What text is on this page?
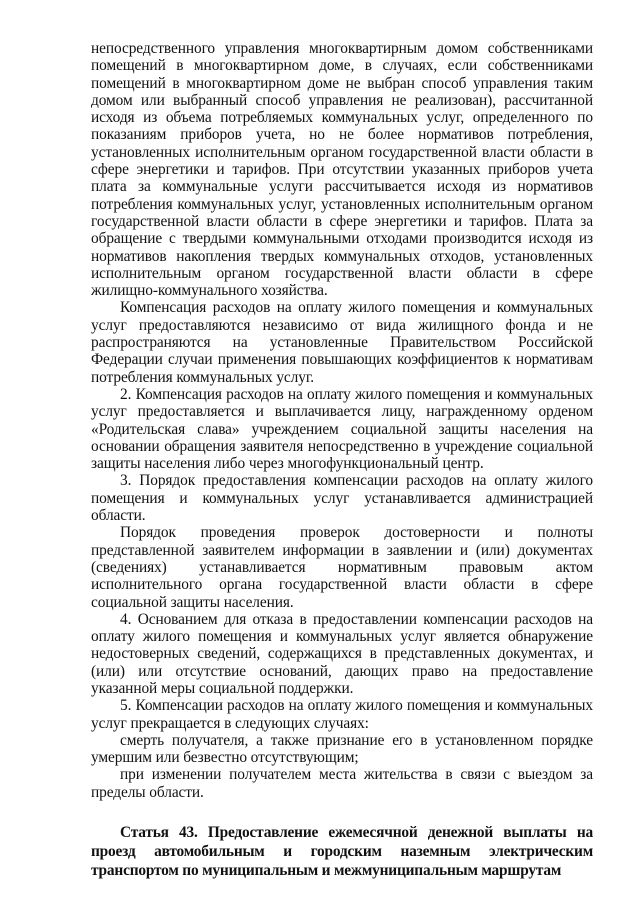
непосредственного управления многоквартирным домом собственниками помещений в многоквартирном доме, в случаях, если собственниками помещений в многоквартирном доме не выбран способ управления таким домом или выбранный способ управления не реализован), рассчитанной исходя из объема потребляемых коммунальных услуг, определенного по показаниям приборов учета, но не более нормативов потребления, установленных исполнительным органом государственной власти области в сфере энергетики и тарифов. При отсутствии указанных приборов учета плата за коммунальные услуги рассчитывается исходя из нормативов потребления коммунальных услуг, установленных исполнительным органом государственной власти области в сфере энергетики и тарифов. Плата за обращение с твердыми коммунальными отходами производится исходя из нормативов накопления твердых коммунальных отходов, установленных исполнительным органом государственной власти области в сфере жилищно-коммунального хозяйства.

Компенсация расходов на оплату жилого помещения и коммунальных услуг предоставляются независимо от вида жилищного фонда и не распространяются на установленные Правительством Российской Федерации случаи применения повышающих коэффициентов к нормативам потребления коммунальных услуг.

2. Компенсация расходов на оплату жилого помещения и коммунальных услуг предоставляется и выплачивается лицу, награжденному орденом «Родительская слава» учреждением социальной защиты населения на основании обращения заявителя непосредственно в учреждение социальной защиты населения либо через многофункциональный центр.

3. Порядок предоставления компенсации расходов на оплату жилого помещения и коммунальных услуг устанавливается администрацией области.

Порядок проведения проверок достоверности и полноты представленной заявителем информации в заявлении и (или) документах (сведениях) устанавливается нормативным правовым актом исполнительного органа государственной власти области в сфере социальной защиты населения.

4. Основанием для отказа в предоставлении компенсации расходов на оплату жилого помещения и коммунальных услуг является обнаружение недостоверных сведений, содержащихся в представленных документах, и (или) или отсутствие оснований, дающих право на предоставление указанной меры социальной поддержки.

5. Компенсации расходов на оплату жилого помещения и коммунальных услуг прекращается в следующих случаях:

смерть получателя, а также признание его в установленном порядке умершим или безвестно отсутствующим;

при изменении получателем места жительства в связи с выездом за пределы области.

Статья 43. Предоставление ежемесячной денежной выплаты на проезд автомобильным и городским наземным электрическим транспортом по муниципальным и межмуниципальным маршрутам
